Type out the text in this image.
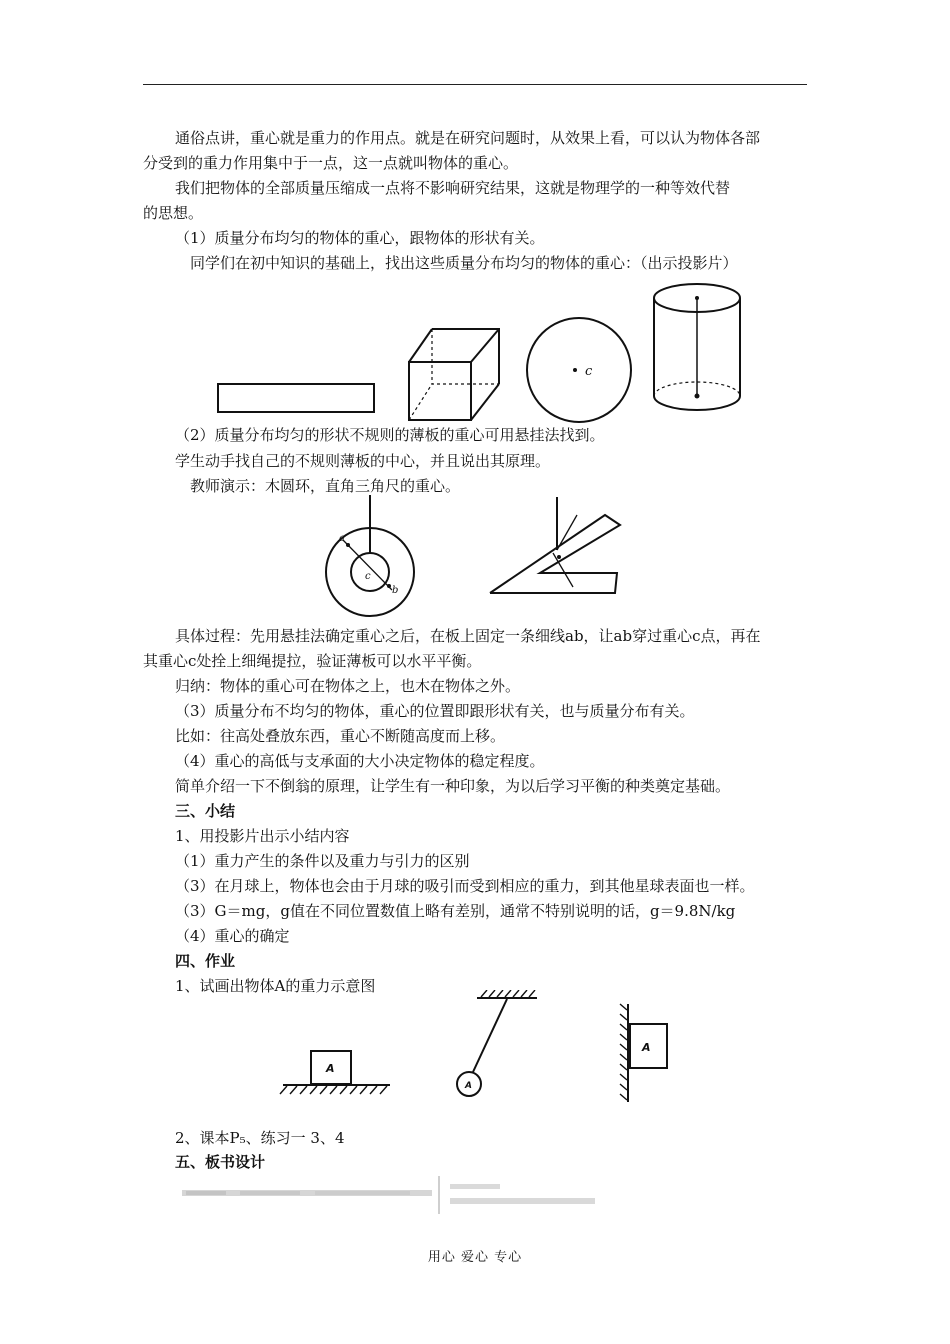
通俗点讲，重心就是重力的作用点。就是在研究问题时，从效果上看，可以认为物体各部
分受到的重力作用集中于一点，这一点就叫物体的重心。
我们把物体的全部质量压缩成一点将不影响研究结果，这就是物理学的一种等效代替
的思想。
（1）质量分布均匀的物体的重心，跟物体的形状有关。
同学们在初中知识的基础上，找出这些质量分布均匀的物体的重心：（出示投影片）
（2）质量分布均匀的形状不规则的薄板的重心可用悬挂法找到。
学生动手找自己的不规则薄板的中心，并且说出其原理。
教师演示：木圆环，直角三角尺的重心。
具体过程：先用悬挂法确定重心之后，在板上固定一条细线ab，让ab穿过重心c点，再在
其重心c处拴上细绳提拉，验证薄板可以水平平衡。
归纳：物体的重心可在物体之上，也木在物体之外。
（3）质量分布不均匀的物体，重心的位置即跟形状有关，也与质量分布有关。
比如：往高处叠放东西，重心不断随高度而上移。
（4）重心的高低与支承面的大小决定物体的稳定程度。
简单介绍一下不倒翁的原理，让学生有一种印象，为以后学习平衡的种类奠定基础。
三、小结
1、用投影片出示小结内容
（1）重力产生的条件以及重力与引力的区别
（3）在月球上，物体也会由于月球的吸引而受到相应的重力，到其他星球表面也一样。
（3）G＝mg，g值在不同位置数值上略有差别，通常不特别说明的话，g＝9.8N/kg
（4）重心的确定
四、作业
1、试画出物体A的重力示意图
2、课本P₅、练习一 3、4
五、板书设计
c
a
b
c
A
A
A
用心 爱心 专心
